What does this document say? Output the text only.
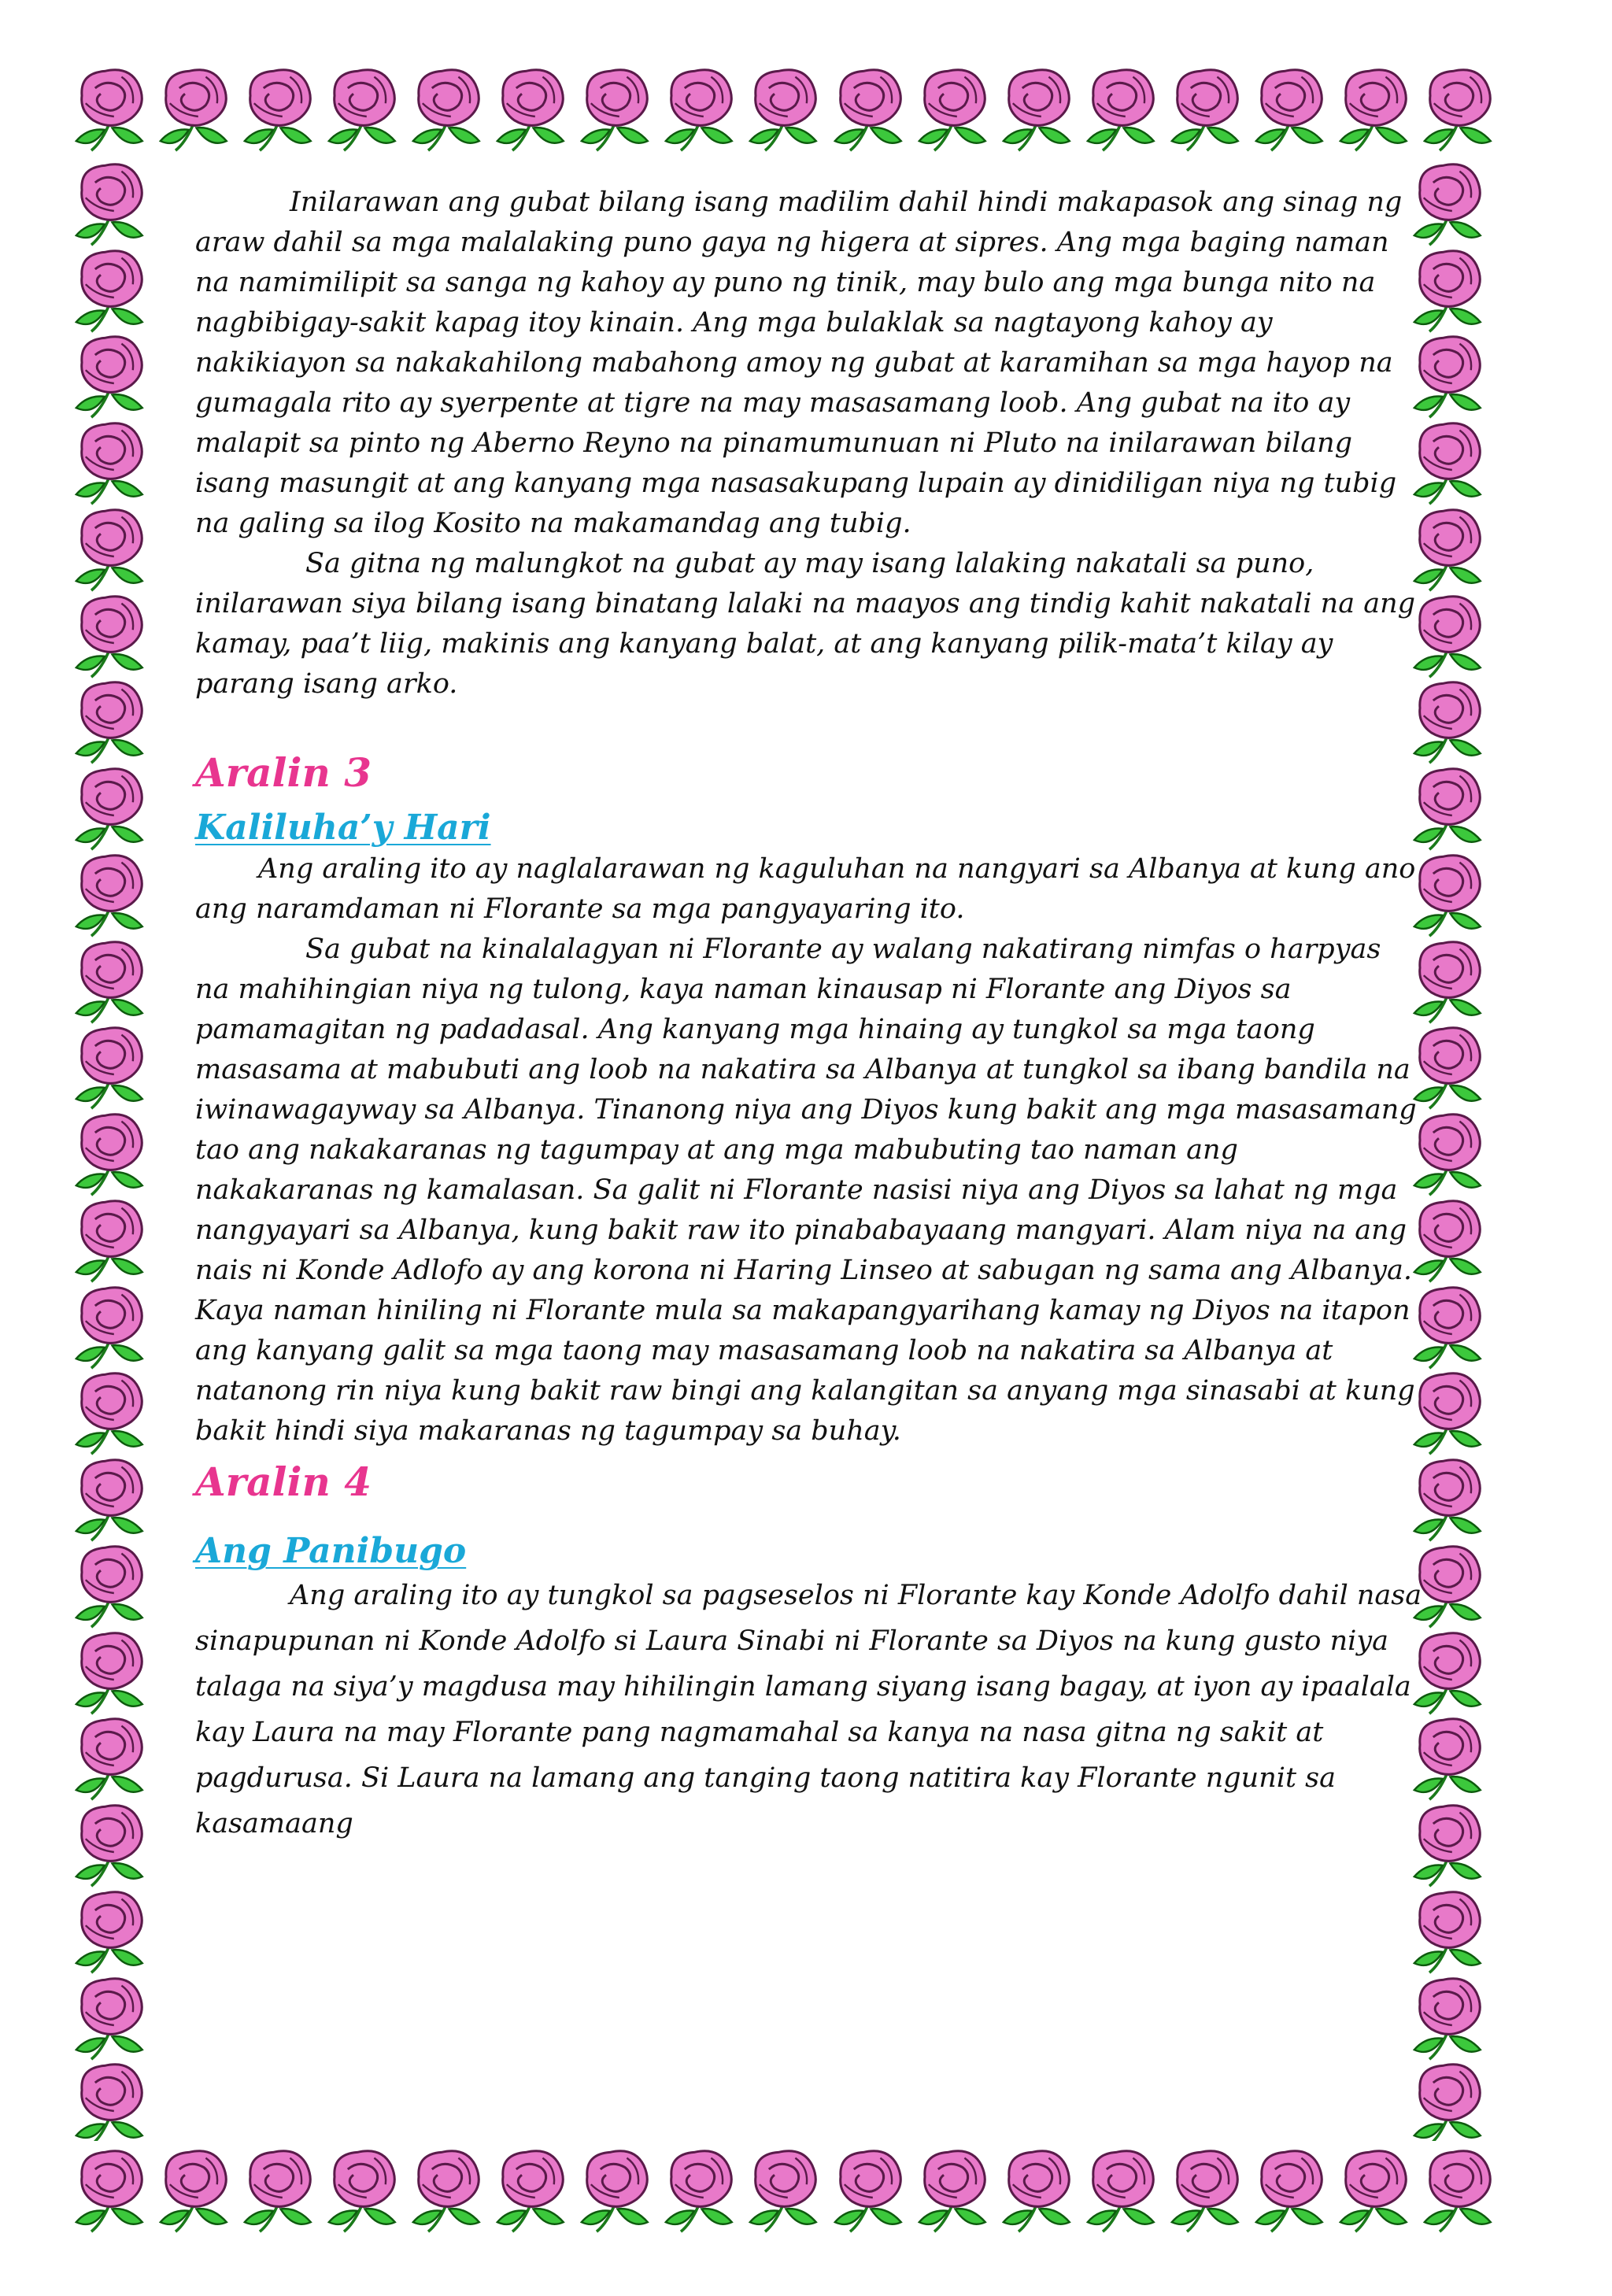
Inilarawan ang gubat bilang isang madilim dahil hindi makapasok ang sinag ng araw dahil sa mga malalaking puno gaya ng higera at sipres. Ang mga baging naman na namimilipit sa sanga ng kahoy ay puno ng tinik, may bulo ang mga bunga nito na nagbibigay-sakit kapag itoy kinain. Ang mga bulaklak sa nagtayong kahoy ay nakikiayon sa nakakahilong mabahong amoy ng gubat at karamihan sa mga hayop na gumagala rito ay syerpente at tigre na may masasamang loob. Ang gubat na ito ay malapit sa pinto ng Aberno Reyno na pinamumunuan ni Pluto na inilarawan bilang isang masungit at ang kanyang mga nasasakupang lupain ay dinidiligan niya ng tubig na galing sa ilog Kosito na makamandag ang tubig.

Sa gitna ng malungkot na gubat ay may isang lalaking nakatali sa puno, inilarawan siya bilang isang binatang lalaki na maayos ang tindig kahit nakatali na ang kamay, paa’t liig, makinis ang kanyang balat, at ang kanyang pilik-mata’t kilay ay parang isang arko.

Aralin 3
Kaliluha’y Hari

Ang araling ito ay naglalarawan ng kaguluhan na nangyari sa Albanya at kung ano ang naramdaman ni Florante sa mga pangyayaring ito.

Sa gubat na kinalalagyan ni Florante ay walang nakatirang nimfas o harpyas na mahihingian niya ng tulong, kaya naman kinausap ni Florante ang Diyos sa pamamagitan ng padadasal. Ang kanyang mga hinaing ay tungkol sa mga taong masasama at mabubuti ang loob na nakatira sa Albanya at tungkol sa ibang bandila na iwinawagayway sa Albanya. Tinanong niya ang Diyos kung bakit ang mga masasamang tao ang nakakaranas ng tagumpay at ang mga mabubuting tao naman ang nakakaranas ng kamalasan. Sa galit ni Florante nasisi niya ang Diyos sa lahat ng mga nangyayari sa Albanya, kung bakit raw ito pinababayaang mangyari. Alam niya na ang nais ni Konde Adlofo ay ang korona ni Haring Linseo at sabugan ng sama ang Albanya. Kaya naman hiniling ni Florante mula sa makapangyarihang kamay ng Diyos na itapon ang kanyang galit sa mga taong may masasamang loob na nakatira sa Albanya at natanong rin niya kung bakit raw bingi ang kalangitan sa anyang mga sinasabi at kung bakit hindi siya makaranas ng tagumpay sa buhay.

Aralin 4
Ang Panibugo

Ang araling ito ay tungkol sa pagseselos ni Florante kay Konde Adolfo dahil nasa sinapupunan ni Konde Adolfo si Laura Sinabi ni Florante sa Diyos na kung gusto niya talaga na siya’y magdusa may hihilingin lamang siyang isang bagay, at iyon ay ipaalala kay Laura na may Florante pang nagmamahal sa kanya na nasa gitna ng sakit at pagdurusa. Si Laura na lamang ang tanging taong natitira kay Florante ngunit sa kasamaang
